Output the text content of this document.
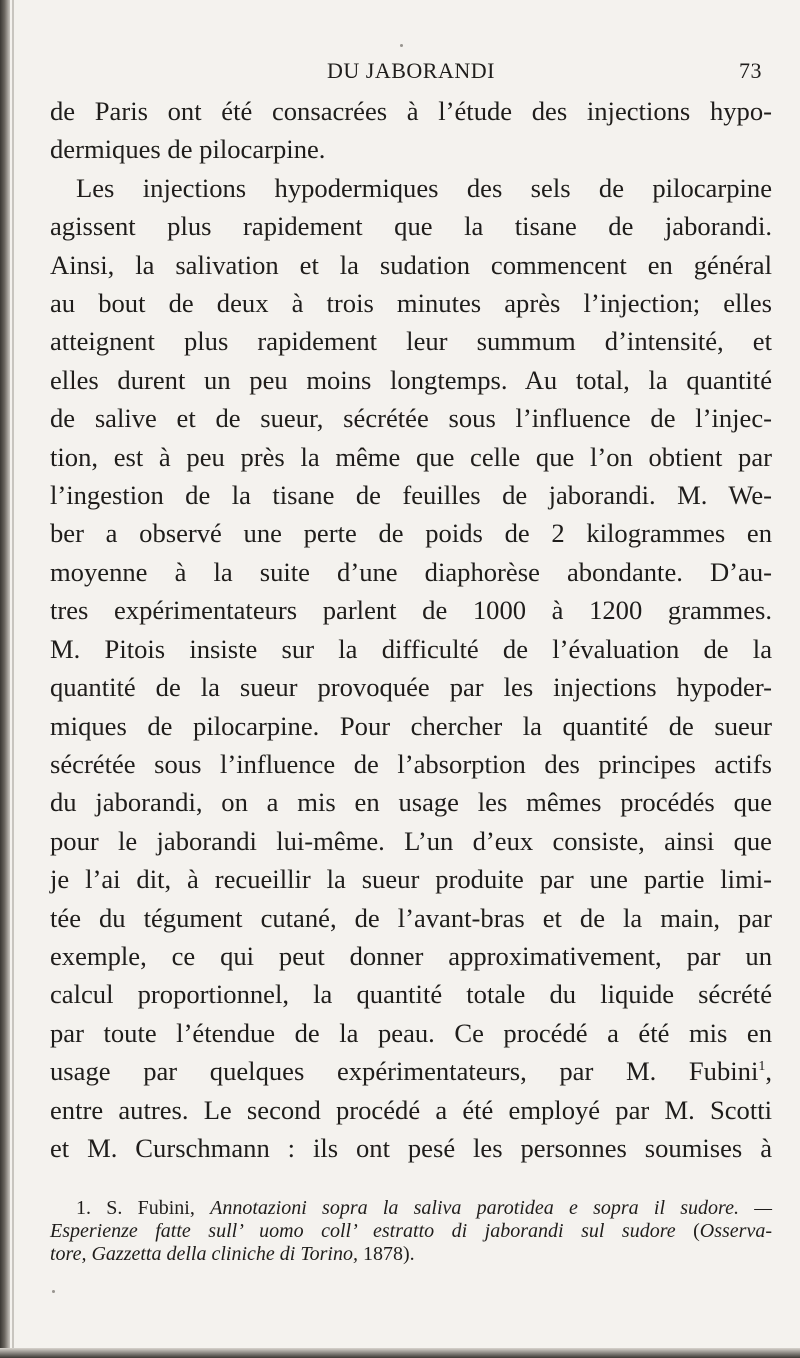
DU JABORANDI	73
de Paris ont été consacrées à l’étude des injections hypo-
dermiques de pilocarpine.
Les injections hypodermiques des sels de pilocarpine
agissent plus rapidement que la tisane de jaborandi.
Ainsi, la salivation et la sudation commencent en général
au bout de deux à trois minutes après l’injection; elles
atteignent plus rapidement leur summum d’intensité, et
elles durent un peu moins longtemps. Au total, la quantité
de salive et de sueur, sécrétée sous l’influence de l’injec-
tion, est à peu près la même que celle que l’on obtient par
l’ingestion de la tisane de feuilles de jaborandi. M. We-
ber a observé une perte de poids de 2 kilogrammes en
moyenne à la suite d’une diaphorèse abondante. D’au-
tres expérimentateurs parlent de 1000 à 1200 grammes.
M. Pitois insiste sur la difficulté de l’évaluation de la
quantité de la sueur provoquée par les injections hypoder-
miques de pilocarpine. Pour chercher la quantité de sueur
sécrétée sous l’influence de l’absorption des principes actifs
du jaborandi, on a mis en usage les mêmes procédés que
pour le jaborandi lui-même. L’un d’eux consiste, ainsi que
je l’ai dit, à recueillir la sueur produite par une partie limi-
tée du tégument cutané, de l’avant-bras et de la main, par
exemple, ce qui peut donner approximativement, par un
calcul proportionnel, la quantité totale du liquide sécrété
par toute l’étendue de la peau. Ce procédé a été mis en
usage par quelques expérimentateurs, par M. Fubini$^1$,
entre autres. Le second procédé a été employé par M. Scotti
et M. Curschmann : ils ont pesé les personnes soumises à
1. S. Fubini, Annotazioni sopra la saliva parotidea e sopra il sudore. —
Esperienze fatte sull’ uomo coll’ estratto di jaborandi sul sudore (Osserva-
tore, Gazzetta della cliniche di Torino, 1878).
